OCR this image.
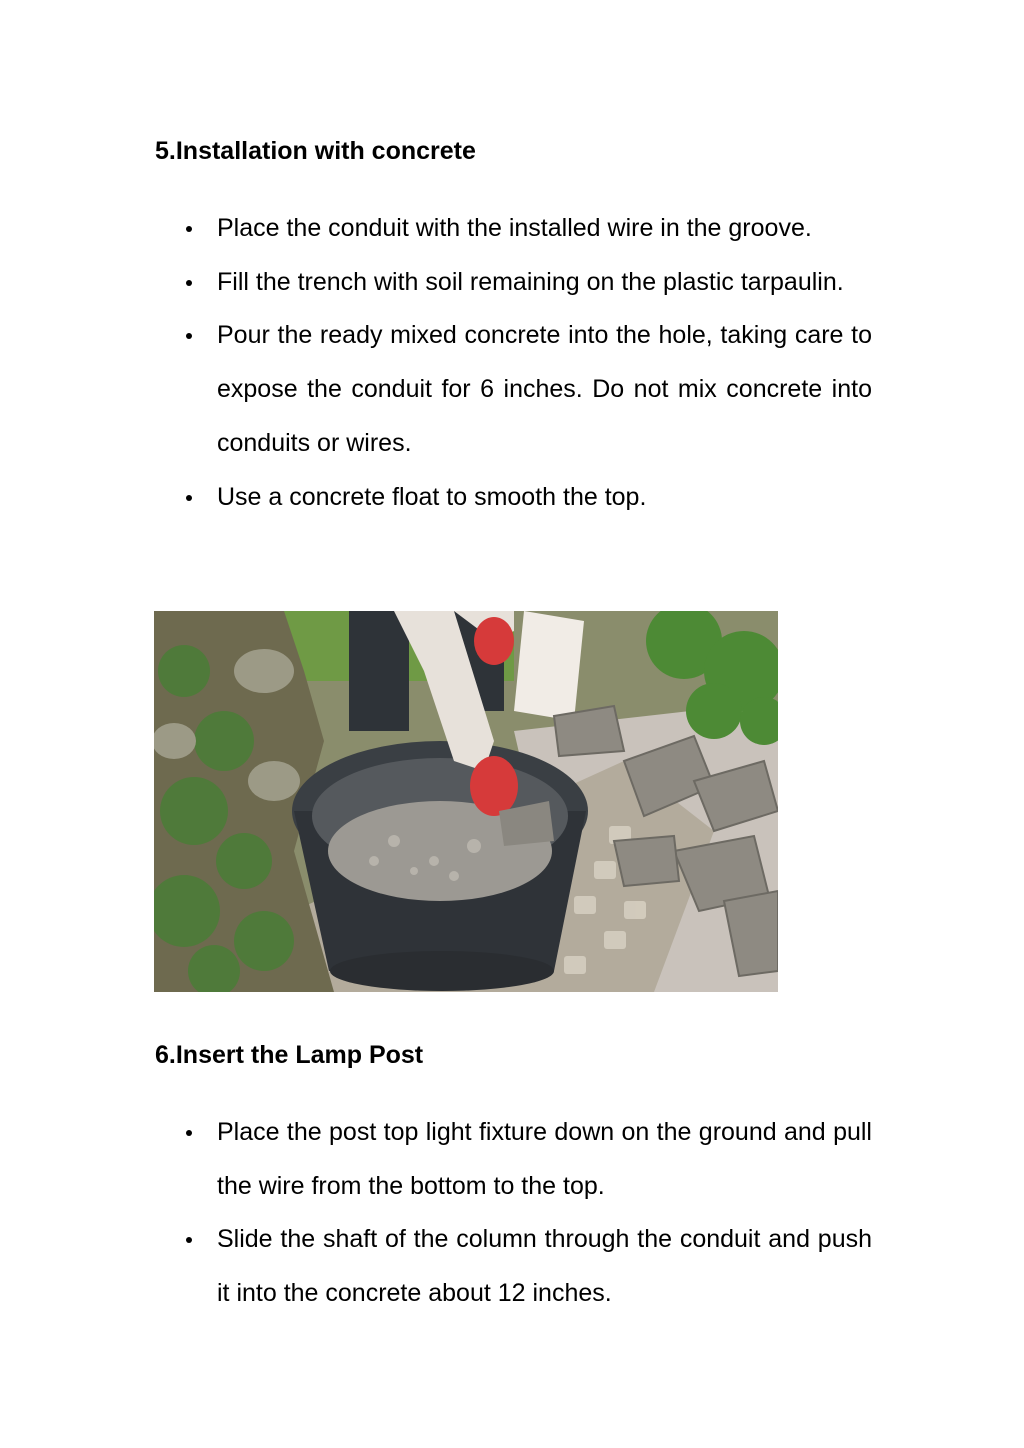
5.Installation with concrete
Place the conduit with the installed wire in the groove.
Fill the trench with soil remaining on the plastic tarpaulin.
Pour the ready mixed concrete into the hole, taking care to expose the conduit for 6 inches. Do not mix concrete into conduits or wires.
Use a concrete float to smooth the top.
6.Insert the Lamp Post
Place the post top light fixture down on the ground and pull the wire from the bottom to the top.
Slide the shaft of the column through the conduit and push it into the concrete about 12 inches.
